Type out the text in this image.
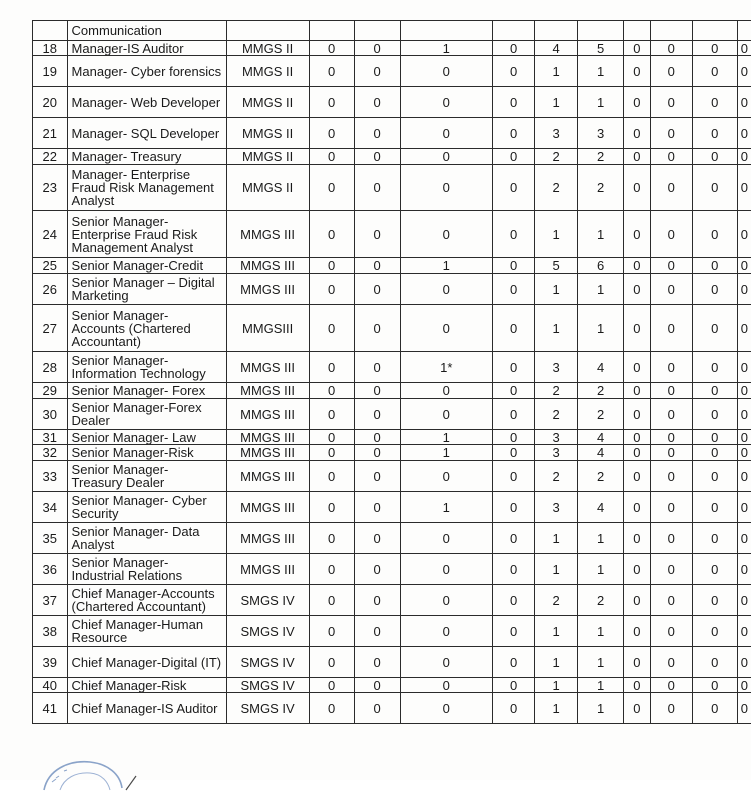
	Communication											
18	Manager-IS Auditor	MMGS II	0	0	1	0	4	5	0	0	0	0
19	Manager- Cyber forensics	MMGS II	0	0	0	0	1	1	0	0	0	0
20	Manager- Web Developer	MMGS II	0	0	0	0	1	1	0	0	0	0
21	Manager- SQL Developer	MMGS II	0	0	0	0	3	3	0	0	0	0
22	Manager- Treasury	MMGS II	0	0	0	0	2	2	0	0	0	0
23	Manager- Enterprise Fraud Risk Management Analyst	MMGS II	0	0	0	0	2	2	0	0	0	0
24	Senior Manager- Enterprise Fraud Risk Management Analyst	MMGS III	0	0	0	0	1	1	0	0	0	0
25	Senior Manager-Credit	MMGS III	0	0	1	0	5	6	0	0	0	0
26	Senior Manager – Digital Marketing	MMGS III	0	0	0	0	1	1	0	0	0	0
27	Senior Manager- Accounts (Chartered Accountant)	MMGSIII	0	0	0	0	1	1	0	0	0	0
28	Senior Manager- Information Technology	MMGS III	0	0	1*	0	3	4	0	0	0	0
29	Senior Manager- Forex	MMGS III	0	0	0	0	2	2	0	0	0	0
30	Senior Manager-Forex Dealer	MMGS III	0	0	0	0	2	2	0	0	0	0
31	Senior Manager- Law	MMGS III	0	0	1	0	3	4	0	0	0	0
32	Senior Manager-Risk	MMGS III	0	0	1	0	3	4	0	0	0	0
33	Senior Manager- Treasury Dealer	MMGS III	0	0	0	0	2	2	0	0	0	0
34	Senior Manager- Cyber Security	MMGS III	0	0	1	0	3	4	0	0	0	0
35	Senior Manager- Data Analyst	MMGS III	0	0	0	0	1	1	0	0	0	0
36	Senior Manager- Industrial Relations	MMGS III	0	0	0	0	1	1	0	0	0	0
37	Chief Manager-Accounts (Chartered Accountant)	SMGS IV	0	0	0	0	2	2	0	0	0	0
38	Chief Manager-Human Resource	SMGS IV	0	0	0	0	1	1	0	0	0	0
39	Chief Manager-Digital (IT)	SMGS IV	0	0	0	0	1	1	0	0	0	0
40	Chief Manager-Risk	SMGS IV	0	0	0	0	1	1	0	0	0	0
41	Chief Manager-IS Auditor	SMGS IV	0	0	0	0	1	1	0	0	0	0
